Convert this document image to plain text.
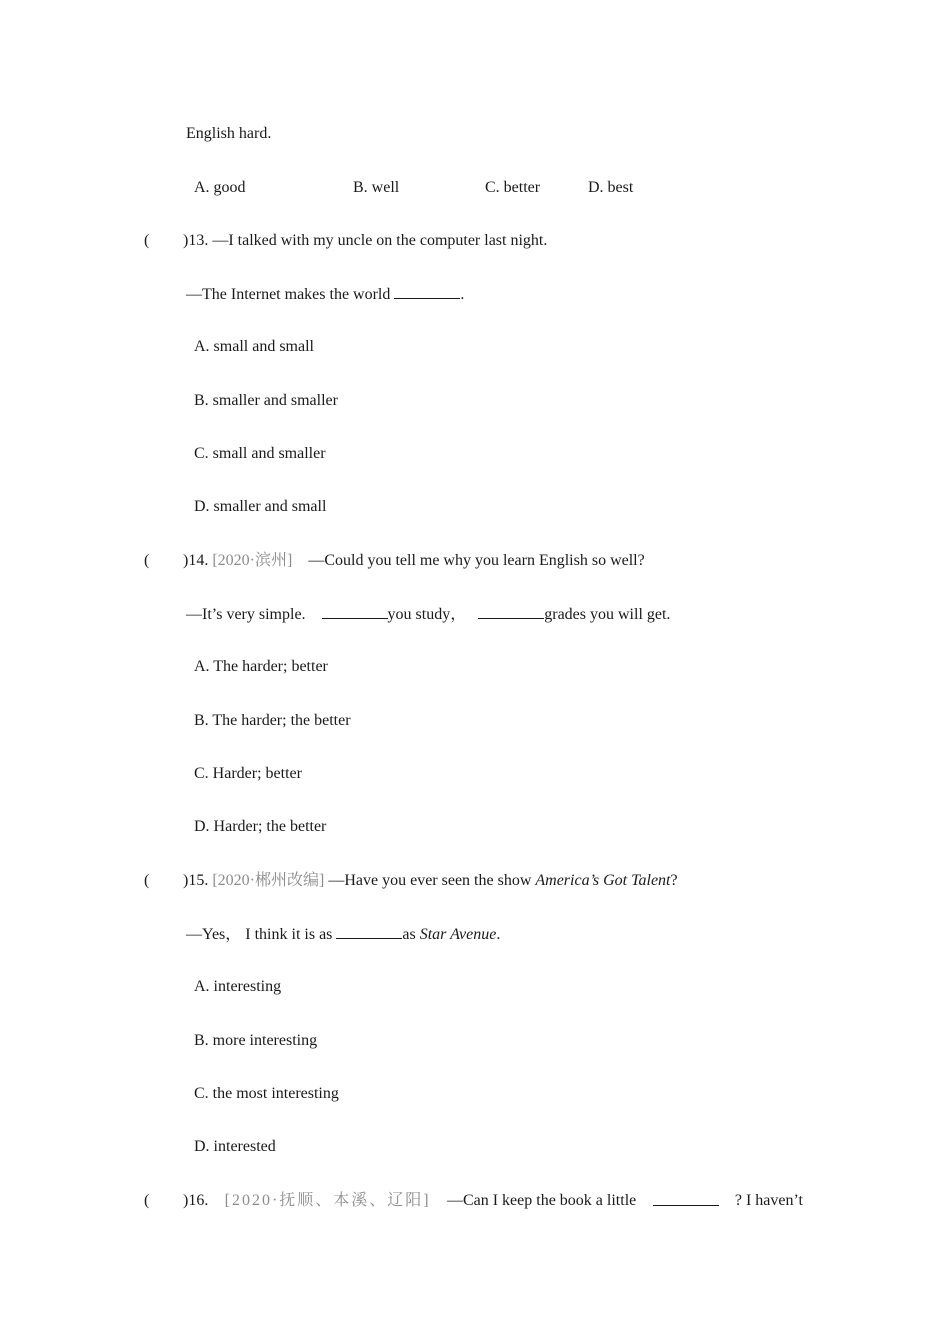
English hard.
A. good	B. well	C. better	D. best
( )13. —I talked with my uncle on the computer last night.
—The Internet makes the world	.
A. small and small
B. smaller and smaller
C. small and smaller
D. smaller and small
( )14. [2020·滨州] —Could you tell me why you learn English so well?
—It’s very simple.	you study，	grades you will get.
A. The harder; better
B. The harder; the better
C. Harder; better
D. Harder; the better
( )15. [2020·郴州改编] —Have you ever seen the show America’s Got Talent?
—Yes， I think it is as	as Star Avenue.
A. interesting
B. more interesting
C. the most interesting
D. interested
( )16. [2020·抚顺、本溪、辽阳] —Can I keep the book a little	? I haven’t
